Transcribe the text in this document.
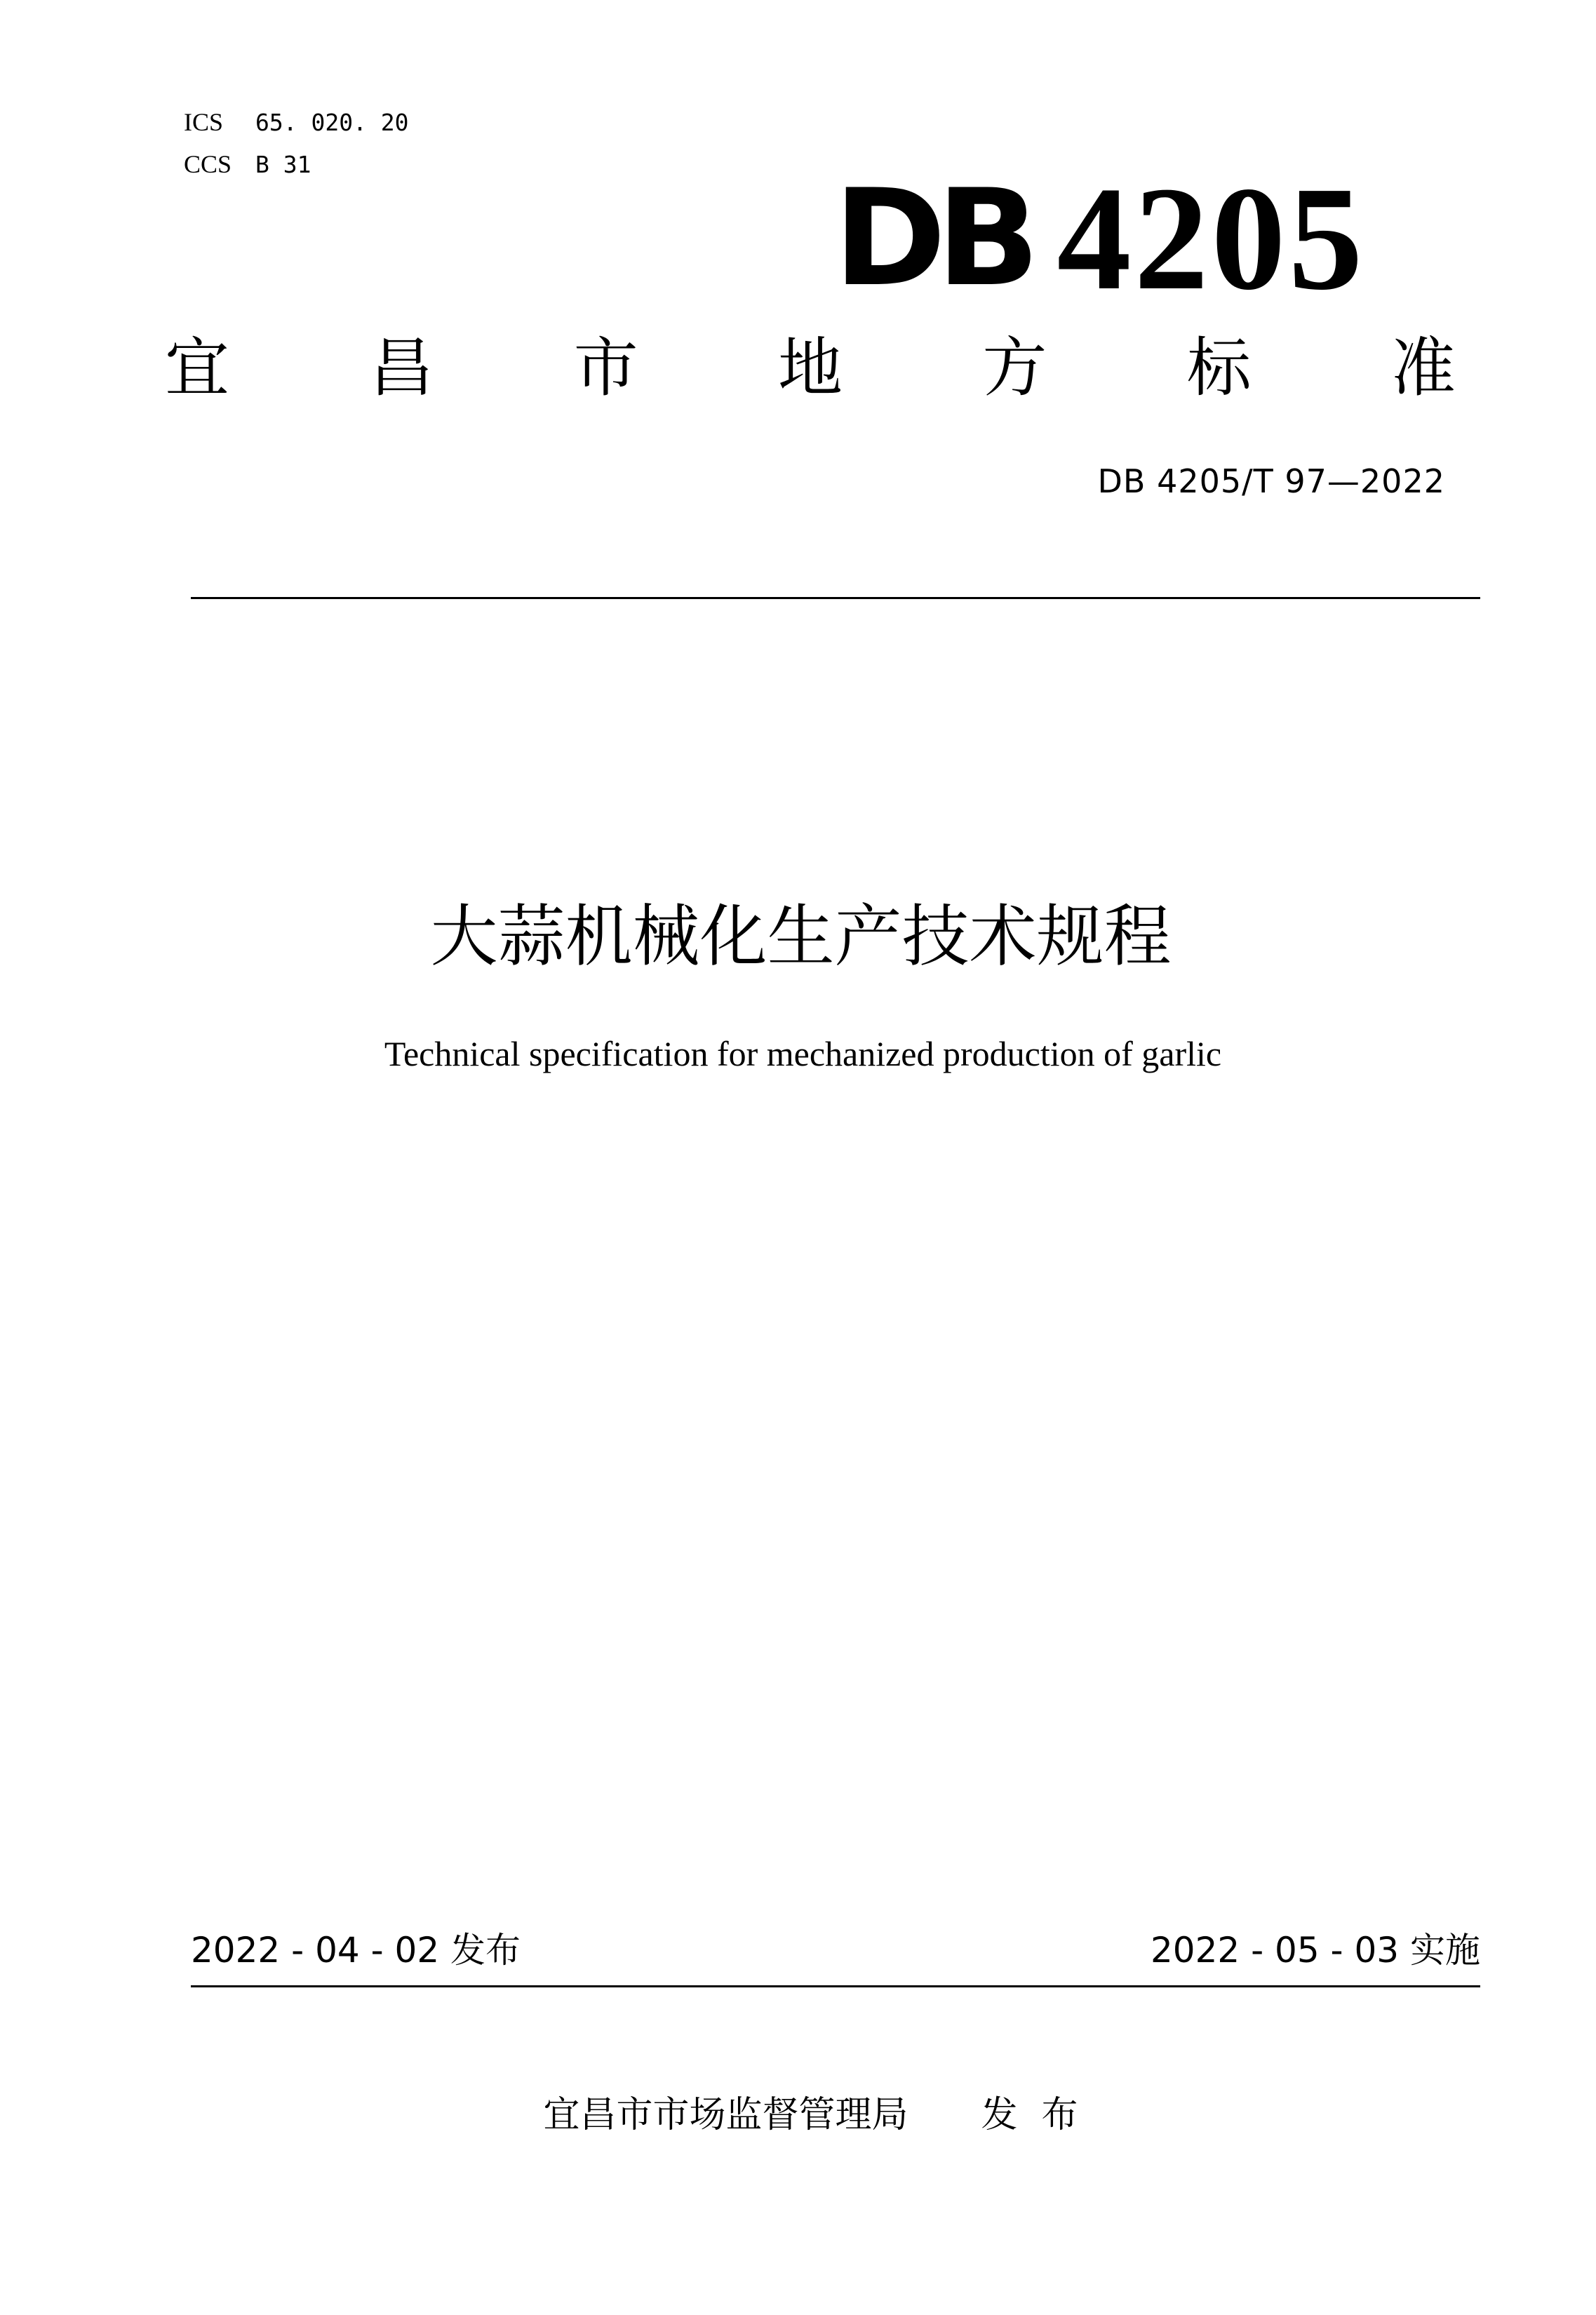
ICS 65. 020. 20
CCS B 31	DB 4205
宜 昌 市 地 方 标 准
DB 4205/T 97—2022
大蒜机械化生产技术规程
Technical specification for mechanized production of garlic
2022 - 04 - 02 发布	2022 - 05 - 03 实施
宜昌市市场监督管理局 发布
